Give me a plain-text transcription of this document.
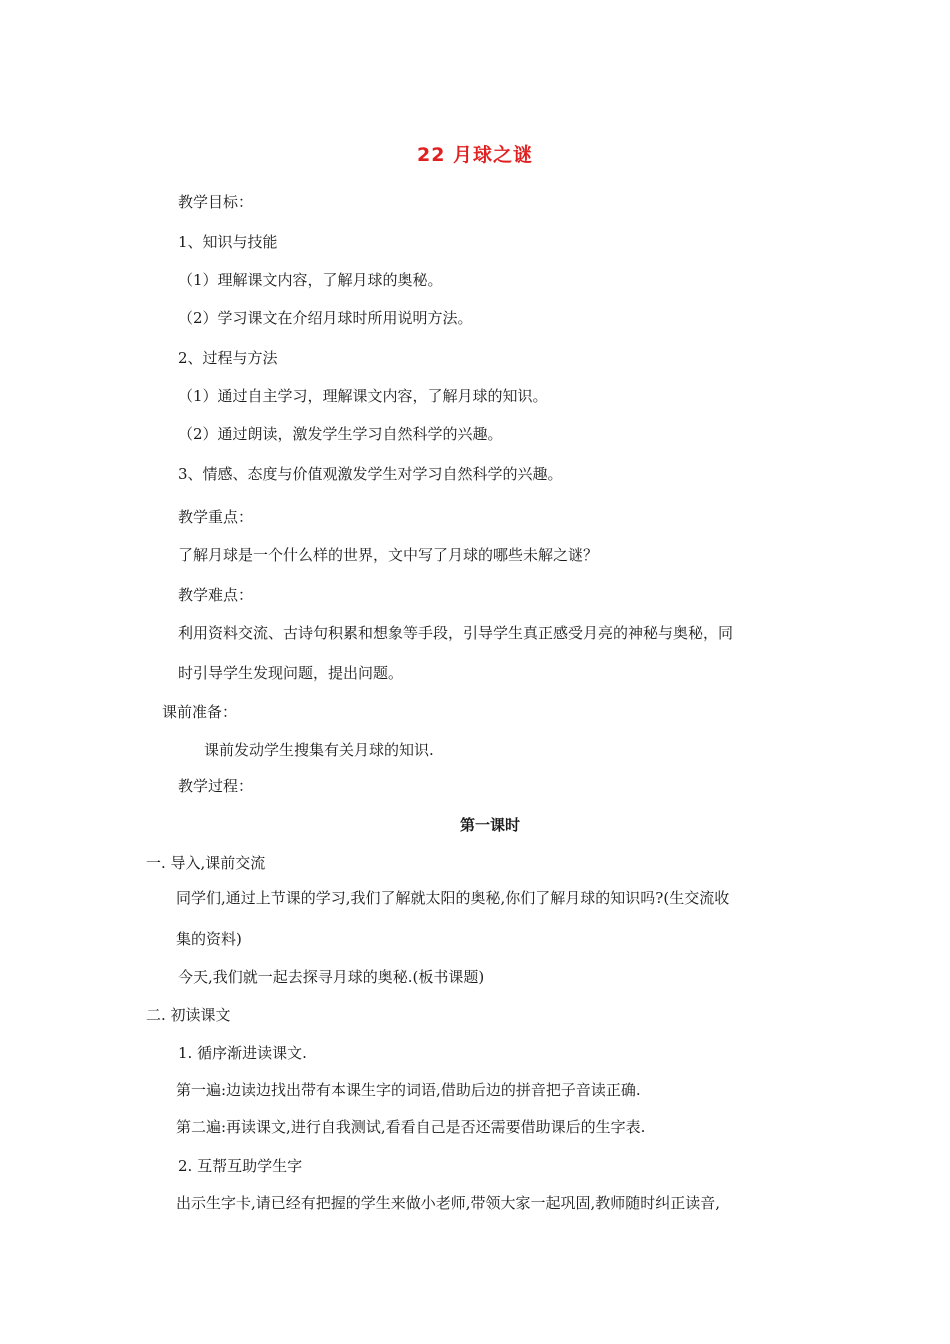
22 月球之谜
教学目标：
1、知识与技能
（1）理解课文内容，了解月球的奥秘。
（2）学习课文在介绍月球时所用说明方法。
2、过程与方法
（1）通过自主学习，理解课文内容，了解月球的知识。
（2）通过朗读，激发学生学习自然科学的兴趣。
3、情感、态度与价值观激发学生对学习自然科学的兴趣。
教学重点：
了解月球是一个什么样的世界，文中写了月球的哪些未解之谜？
教学难点：
利用资料交流、古诗句积累和想象等手段，引导学生真正感受月亮的神秘与奥秘，同
时引导学生发现问题，提出问题。
课前准备：
课前发动学生搜集有关月球的知识.
教学过程：
第一课时
一. 导入,课前交流
同学们,通过上节课的学习,我们了解就太阳的奥秘,你们了解月球的知识吗?(生交流收
集的资料)
今天,我们就一起去探寻月球的奥秘.(板书课题)
二. 初读课文
1. 循序渐进读课文.
第一遍:边读边找出带有本课生字的词语,借助后边的拼音把子音读正确.
第二遍:再读课文,进行自我测试,看看自己是否还需要借助课后的生字表.
2. 互帮互助学生字
出示生字卡,请已经有把握的学生来做小老师,带领大家一起巩固,教师随时纠正读音,
